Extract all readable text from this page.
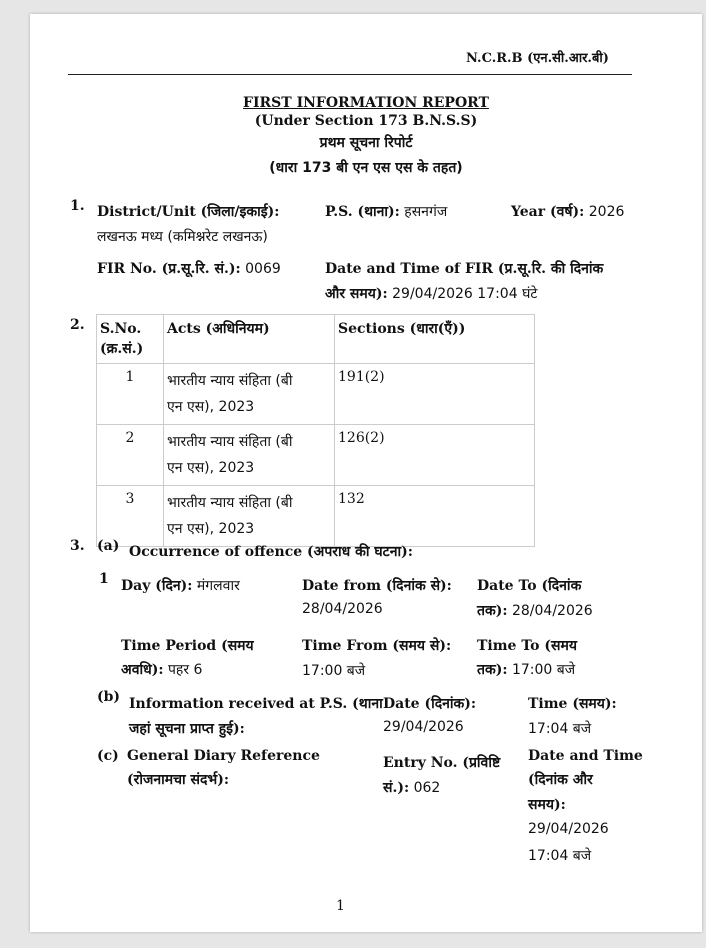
N.C.R.B (एन.सी.आर.बी)
FIRST INFORMATION REPORT
(Under Section 173 B.N.S.S)
प्रथम सूचना रिपोर्ट
(धारा 173 बी एन एस एस के तहत)
1. District/Unit (जिला/इकाई):
लखनऊ मध्य (कमिश्नरेट लखनऊ)
P.S. (थाना): हसनगंज	Year (वर्ष): 2026
FIR No. (प्र.सू.रि. सं.): 0069	Date and Time of FIR (प्र.सू.रि. की दिनांक
और समय): 29/04/2026 17:04 घंटे
2. S.No.
(क्र.सं.)	Acts (अधिनियम)	Sections (धारा(एँ))
1	भारतीय न्याय संहिता (बी
एन एस), 2023	191(2)
2	भारतीय न्याय संहिता (बी
एन एस), 2023	126(2)
3	भारतीय न्याय संहिता (बी
एन एस), 2023	132
3. (a) Occurrence of offence (अपराध की घटना):
1 Day (दिन): मंगलवार	Date from (दिनांक से):
28/04/2026
Date To (दिनांक
तक): 28/04/2026
Time Period (समय
अवधि): पहर 6
Time From (समय से):
17:00 बजे
Time To (समय
तक): 17:00 बजे
(b) Information received at P.S. (थाना
जहां सूचना प्राप्त हुई):
Date (दिनांक):
29/04/2026
Time (समय):
17:04 बजे
(c) General Diary Reference
(रोजनामचा संदर्भ):
Entry No. (प्रविष्टि
सं.): 062
Date and Time
(दिनांक और
समय):
29/04/2026
17:04 बजे
1
